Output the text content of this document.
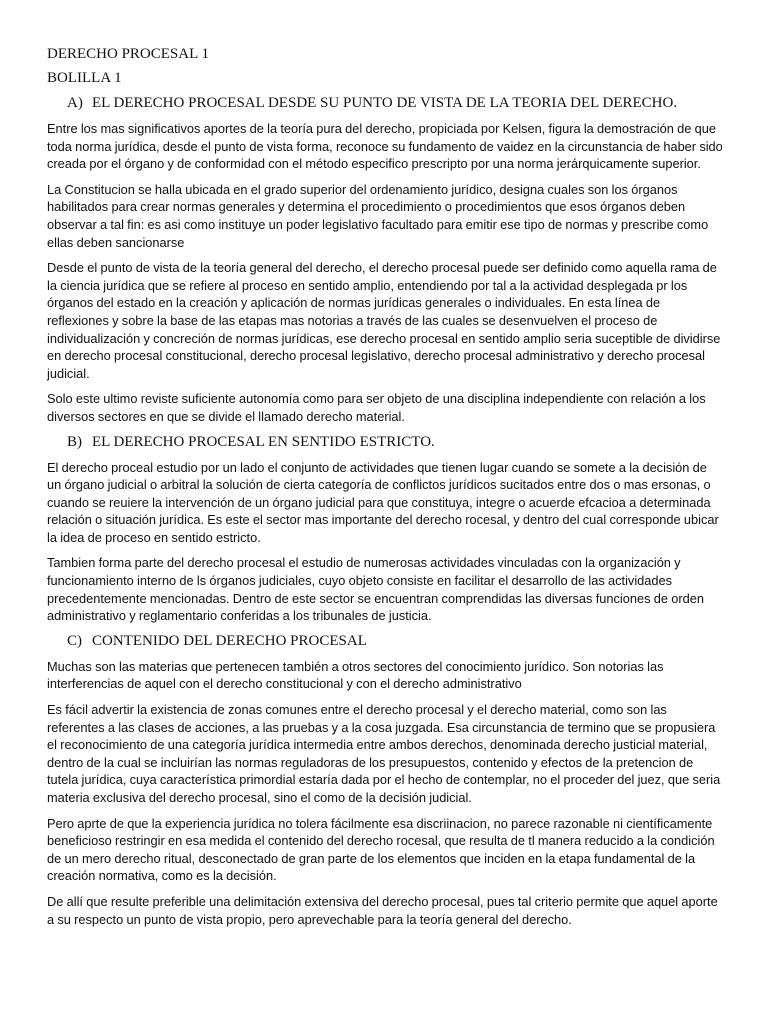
DERECHO PROCESAL 1
BOLILLA 1
A) EL DERECHO PROCESAL DESDE SU PUNTO DE VISTA DE LA TEORIA DEL DERECHO.

Entre los mas significativos aportes de la teoría pura del derecho, propiciada por Kelsen, figura la demostración de que toda norma jurídica, desde el punto de vista forma, reconoce su fundamento de vaidez en la circunstancia de haber sido creada por el órgano y de conformidad con el método especifico prescripto por una norma jerárquicamente superior.

La Constitucion se halla ubicada en el grado superior del ordenamiento jurídico, designa cuales son los órganos habilitados para crear normas generales y determina el procedimiento o procedimientos que esos órganos deben observar a tal fin: es asi como instituye un poder legislativo facultado para emitir ese tipo de normas y prescribe como ellas deben sancionarse

Desde el punto de vista de la teoría general del derecho, el derecho procesal puede ser definido como aquella rama de la ciencia jurídica que se refiere al proceso en sentido amplio, entendiendo por tal a la actividad desplegada pr los órganos del estado en la creación y aplicación de normas jurídicas generales o individuales. En esta línea de reflexiones y sobre la base de las etapas mas notorias a través de las cuales se desenvuelven el proceso de individualización y concreción de normas jurídicas, ese derecho procesal en sentido amplio seria suceptible de dividirse en derecho procesal constitucional, derecho procesal legislativo, derecho procesal administrativo y derecho procesal judicial.

Solo este ultimo reviste suficiente autonomía como para ser objeto de una disciplina independiente con relación a los diversos sectores en que se divide el llamado derecho material.

B) EL DERECHO PROCESAL EN SENTIDO ESTRICTO.

El derecho proceal estudio por un lado el conjunto de actividades que tienen lugar cuando se somete a la decisión de un órgano judicial o arbitral la solución de cierta categoría de conflictos jurídicos sucitados entre dos o mas ersonas, o cuando se reuiere la intervención de un órgano judicial para que constituya, integre o acuerde efcacioa a determinada relación o situación jurídica. Es este el sector mas importante del derecho rocesal, y dentro del cual corresponde ubicar la idea de proceso en sentido estricto.

Tambien forma parte del derecho procesal el estudio de numerosas actividades vinculadas con la organización y funcionamiento interno de ls órganos judiciales, cuyo objeto consiste en facilitar el desarrollo de las actividades precedentemente mencionadas. Dentro de este sector se encuentran comprendidas las diversas funciones de orden administrativo y reglamentario conferidas a los tribunales de justicia.

C) CONTENIDO DEL DERECHO PROCESAL

Muchas son las materias que pertenecen también a otros sectores del conocimiento jurídico. Son notorias las interferencias de aquel con el derecho constitucional y con el derecho administrativo

Es fácil advertir la existencia de zonas comunes entre el derecho procesal y el derecho material, como son las referentes a las clases de acciones, a las pruebas y a la cosa juzgada. Esa circunstancia de termino que se propusiera el reconocimiento de una categoría jurídica intermedia entre ambos derechos, denominada derecho justicial material, dentro de la cual se incluirían las normas reguladoras de los presupuestos, contenido y efectos de la pretencion de tutela jurídica, cuya característica primordial estaría dada por el hecho de contemplar, no el proceder del juez, que seria materia exclusiva del derecho procesal, sino el como de la decisión judicial.

Pero aprte de que la experiencia jurídica no tolera fácilmente esa discriinacion, no parece razonable ni científicamente beneficioso restringir en esa medida el contenido del derecho rocesal, que resulta de tl manera reducido a la condición de un mero derecho ritual, desconectado de gran parte de los elementos que inciden en la etapa fundamental de la creación normativa, como es la decisión.

De allí que resulte preferible una delimitación extensiva del derecho procesal, pues tal criterio permite que aquel aporte a su respecto un punto de vista propio, pero aprevechable para la teoría general del derecho.
